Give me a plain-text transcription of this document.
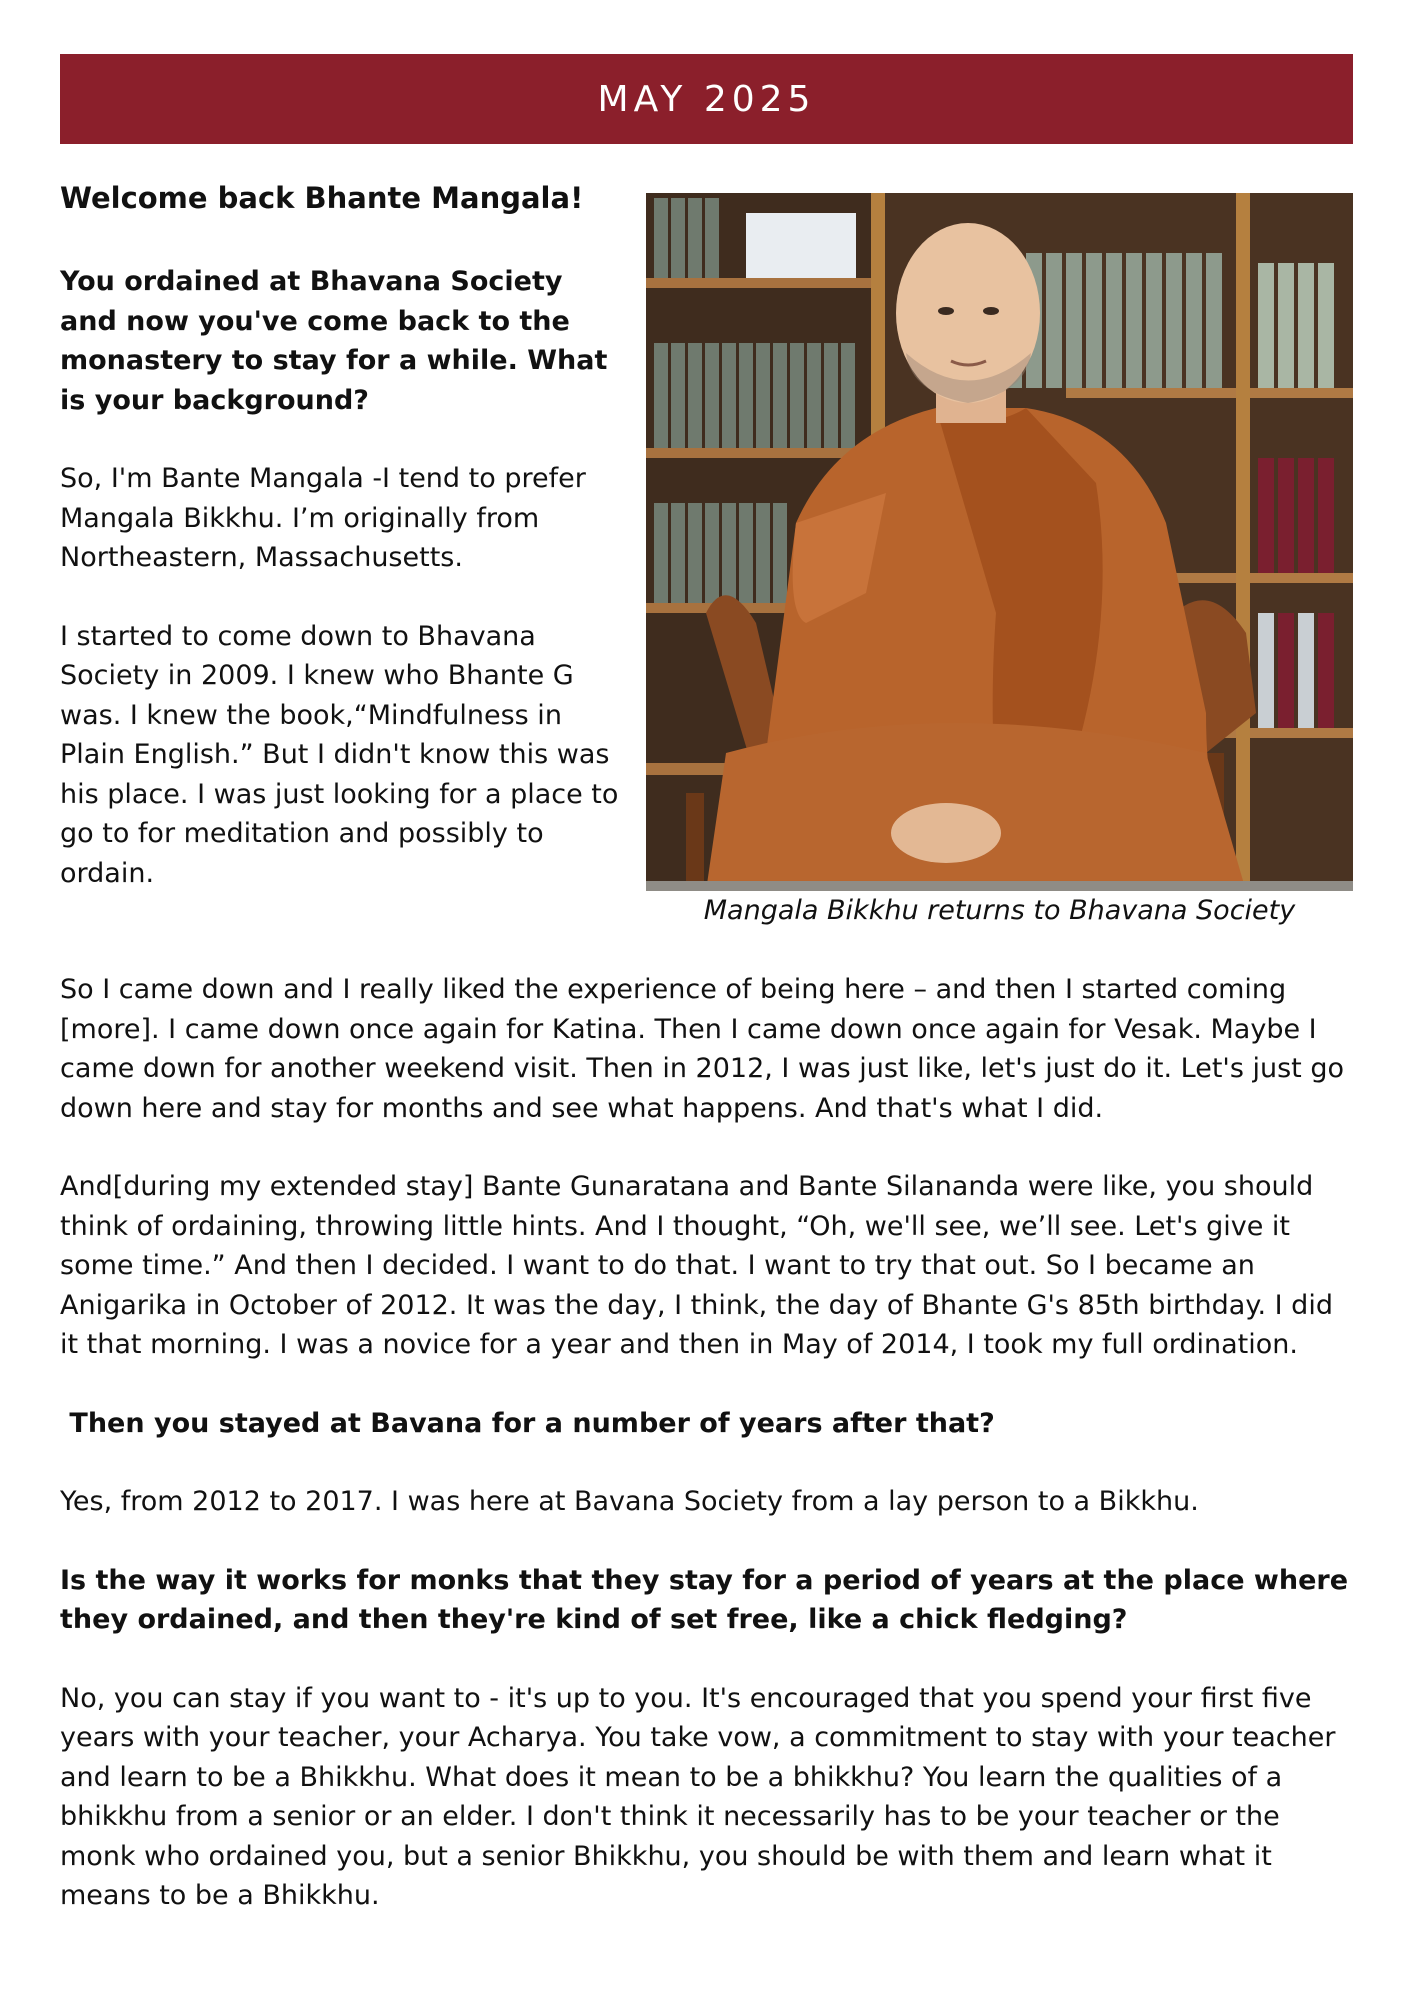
MAY 2025
Welcome back Bhante Mangala!

You ordained at Bhavana Society and now you've come back to the monastery to stay for a while. What is your background?

So, I'm Bante Mangala -I tend to prefer Mangala Bikkhu. I’m originally from Northeastern, Massachusetts.

I started to come down to Bhavana Society in 2009. I knew who Bhante G was. I knew the book,“Mindfulness in Plain English.” But I didn't know this was his place. I was just looking for a place to go to for meditation and possibly to ordain.

Mangala Bikkhu returns to Bhavana Society

So I came down and I really liked the experience of being here – and then I started coming [more]. I came down once again for Katina. Then I came down once again for Vesak. Maybe I came down for another weekend visit. Then in 2012, I was just like, let's just do it. Let's just go down here and stay for months and see what happens. And that's what I did.

And[during my extended stay] Bante Gunaratana and Bante Silananda were like, you should think of ordaining, throwing little hints. And I thought, “Oh, we'll see, we’ll see. Let's give it some time.” And then I decided. I want to do that. I want to try that out. So I became an Anigarika in October of 2012. It was the day, I think, the day of Bhante G's 85th birthday. I did it that morning. I was a novice for a year and then in May of 2014, I took my full ordination.

Then you stayed at Bavana for a number of years after that?

Yes, from 2012 to 2017. I was here at Bavana Society from a lay person to a Bikkhu.

Is the way it works for monks that they stay for a period of years at the place where they ordained, and then they're kind of set free, like a chick fledging?

No, you can stay if you want to - it's up to you. It's encouraged that you spend your first five years with your teacher, your Acharya. You take vow, a commitment to stay with your teacher and learn to be a Bhikkhu. What does it mean to be a bhikkhu? You learn the qualities of a bhikkhu from a senior or an elder. I don't think it necessarily has to be your teacher or the monk who ordained you, but a senior Bhikkhu, you should be with them and learn what it means to be a Bhikkhu.
